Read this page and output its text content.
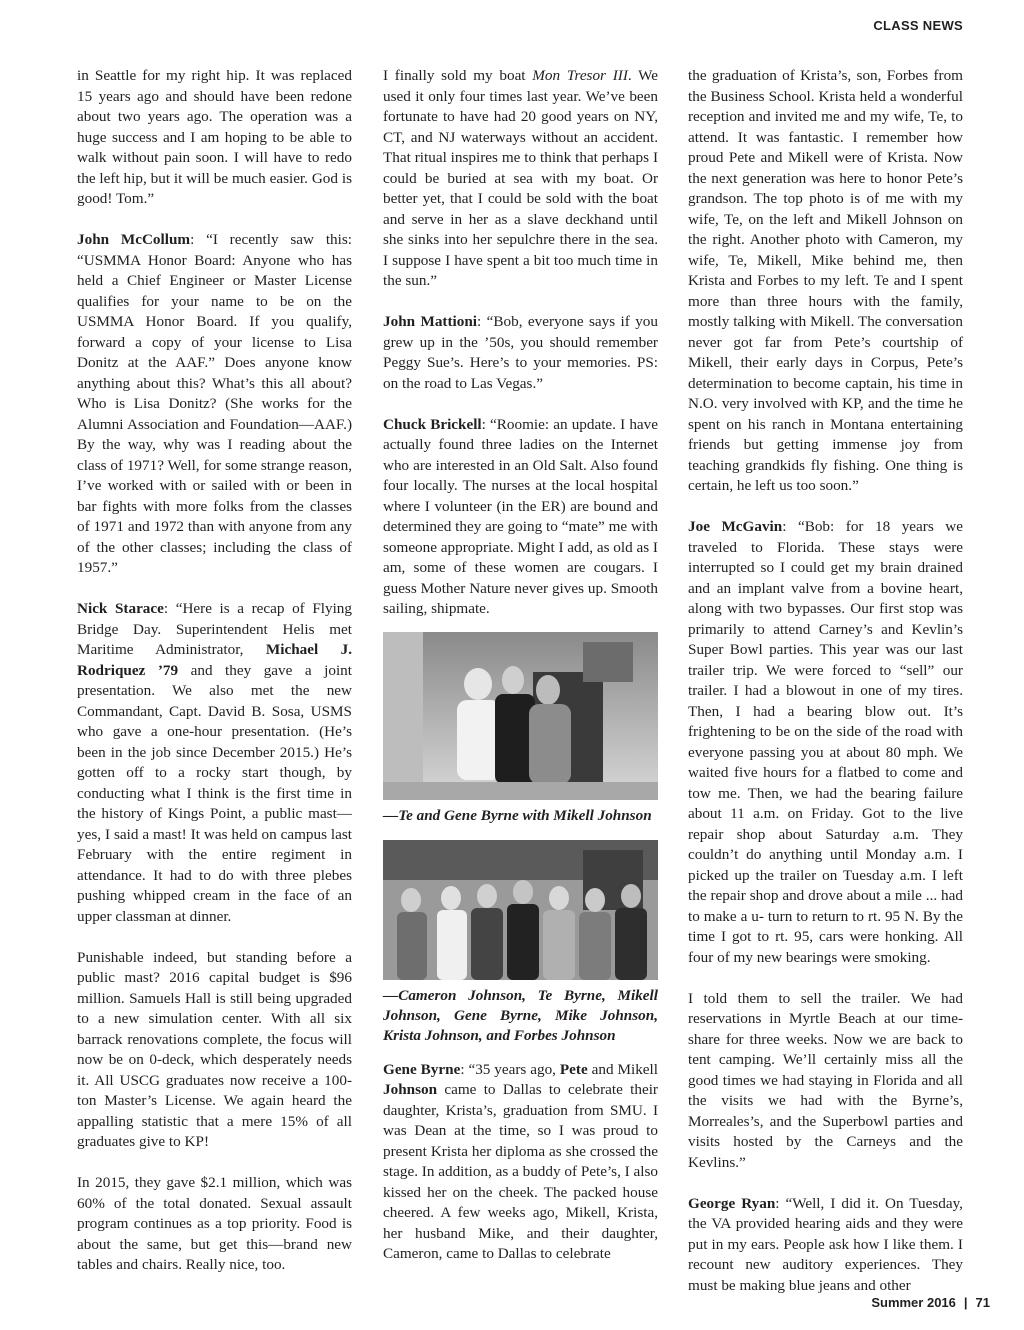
CLASS NEWS

in Seattle for my right hip. It was replaced 15 years ago and should have been redone about two years ago. The operation was a huge success and I am hoping to be able to walk without pain soon. I will have to redo the left hip, but it will be much easier. God is good! Tom.”

John McCollum: “I recently saw this: “USMMA Honor Board: Anyone who has held a Chief Engineer or Master License qualifies for your name to be on the USMMA Honor Board. If you qualify, forward a copy of your license to Lisa Donitz at the AAF.” Does anyone know anything about this? What’s this all about? Who is Lisa Donitz? (She works for the Alumni Association and Foundation—AAF.) By the way, why was I reading about the class of 1971? Well, for some strange reason, I’ve worked with or sailed with or been in bar fights with more folks from the classes of 1971 and 1972 than with anyone from any of the other classes; including the class of 1957.”

Nick Starace: “Here is a recap of Flying Bridge Day. Superintendent Helis met Maritime Administrator, Michael J. Rodriquez ’79 and they gave a joint presentation. We also met the new Commandant, Capt. David B. Sosa, USMS who gave a one-hour presentation. (He’s been in the job since December 2015.) He’s gotten off to a rocky start though, by conducting what I think is the first time in the history of Kings Point, a public mast—yes, I said a mast! It was held on campus last February with the entire regiment in attendance. It had to do with three plebes pushing whipped cream in the face of an upper classman at dinner.

Punishable indeed, but standing before a public mast? 2016 capital budget is $96 million. Samuels Hall is still being upgraded to a new simulation center. With all six barrack renovations complete, the focus will now be on 0-deck, which desperately needs it. All USCG graduates now receive a 100-ton Master’s License. We again heard the appalling statistic that a mere 15% of all graduates give to KP!

In 2015, they gave $2.1 million, which was 60% of the total donated. Sexual assault program continues as a top priority. Food is about the same, but get this—brand new tables and chairs. Really nice, too.

I finally sold my boat Mon Tresor III. We used it only four times last year. We’ve been fortunate to have had 20 good years on NY, CT, and NJ waterways without an accident. That ritual inspires me to think that perhaps I could be buried at sea with my boat. Or better yet, that I could be sold with the boat and serve in her as a slave deckhand until she sinks into her sepulchre there in the sea. I suppose I have spent a bit too much time in the sun.”

John Mattioni: “Bob, everyone says if you grew up in the ’50s, you should remember Peggy Sue’s. Here’s to your memories. PS: on the road to Las Vegas.”

Chuck Brickell: “Roomie: an update. I have actually found three ladies on the Internet who are interested in an Old Salt. Also found four locally. The nurses at the local hospital where I volunteer (in the ER) are bound and determined they are going to “mate” me with someone appropriate. Might I add, as old as I am, some of these women are cougars. I guess Mother Nature never gives up. Smooth sailing, shipmate.

—Te and Gene Byrne with Mikell Johnson
—Cameron Johnson, Te Byrne, Mikell Johnson, Gene Byrne, Mike Johnson, Krista Johnson, and Forbes Johnson

Gene Byrne: “35 years ago, Pete and Mikell Johnson came to Dallas to celebrate their daughter, Krista’s, graduation from SMU. I was Dean at the time, so I was proud to present Krista her diploma as she crossed the stage. In addition, as a buddy of Pete’s, I also kissed her on the cheek. The packed house cheered. A few weeks ago, Mikell, Krista, her husband Mike, and their daughter, Cameron, came to Dallas to celebrate

the graduation of Krista’s, son, Forbes from the Business School. Krista held a wonderful reception and invited me and my wife, Te, to attend. It was fantastic. I remember how proud Pete and Mikell were of Krista. Now the next generation was here to honor Pete’s grandson. The top photo is of me with my wife, Te, on the left and Mikell Johnson on the right. Another photo with Cameron, my wife, Te, Mikell, Mike behind me, then Krista and Forbes to my left. Te and I spent more than three hours with the family, mostly talking with Mikell. The conversation never got far from Pete’s courtship of Mikell, their early days in Corpus, Pete’s determination to become captain, his time in N.O. very involved with KP, and the time he spent on his ranch in Montana entertaining friends but getting immense joy from teaching grandkids fly fishing. One thing is certain, he left us too soon.”

Joe McGavin: “Bob: for 18 years we traveled to Florida. These stays were interrupted so I could get my brain drained and an implant valve from a bovine heart, along with two bypasses. Our first stop was primarily to attend Carney’s and Kevlin’s Super Bowl parties. This year was our last trailer trip. We were forced to “sell” our trailer. I had a blowout in one of my tires. Then, I had a bearing blow out. It’s frightening to be on the side of the road with everyone passing you at about 80 mph. We waited five hours for a flatbed to come and tow me. Then, we had the bearing failure about 11 a.m. on Friday. Got to the live repair shop about Saturday a.m. They couldn’t do anything until Monday a.m. I picked up the trailer on Tuesday a.m. I left the repair shop and drove about a mile ... had to make a u- turn to return to rt. 95 N. By the time I got to rt. 95, cars were honking. All four of my new bearings were smoking.

I told them to sell the trailer. We had reservations in Myrtle Beach at our time-share for three weeks. Now we are back to tent camping. We’ll certainly miss all the good times we had staying in Florida and all the visits we had with the Byrne’s, Morreales’s, and the Superbowl parties and visits hosted by the Carneys and the Kevlins.”

George Ryan: “Well, I did it. On Tuesday, the VA provided hearing aids and they were put in my ears. People ask how I like them. I recount new auditory experiences. They must be making blue jeans and other

Summer 2016 | 71
